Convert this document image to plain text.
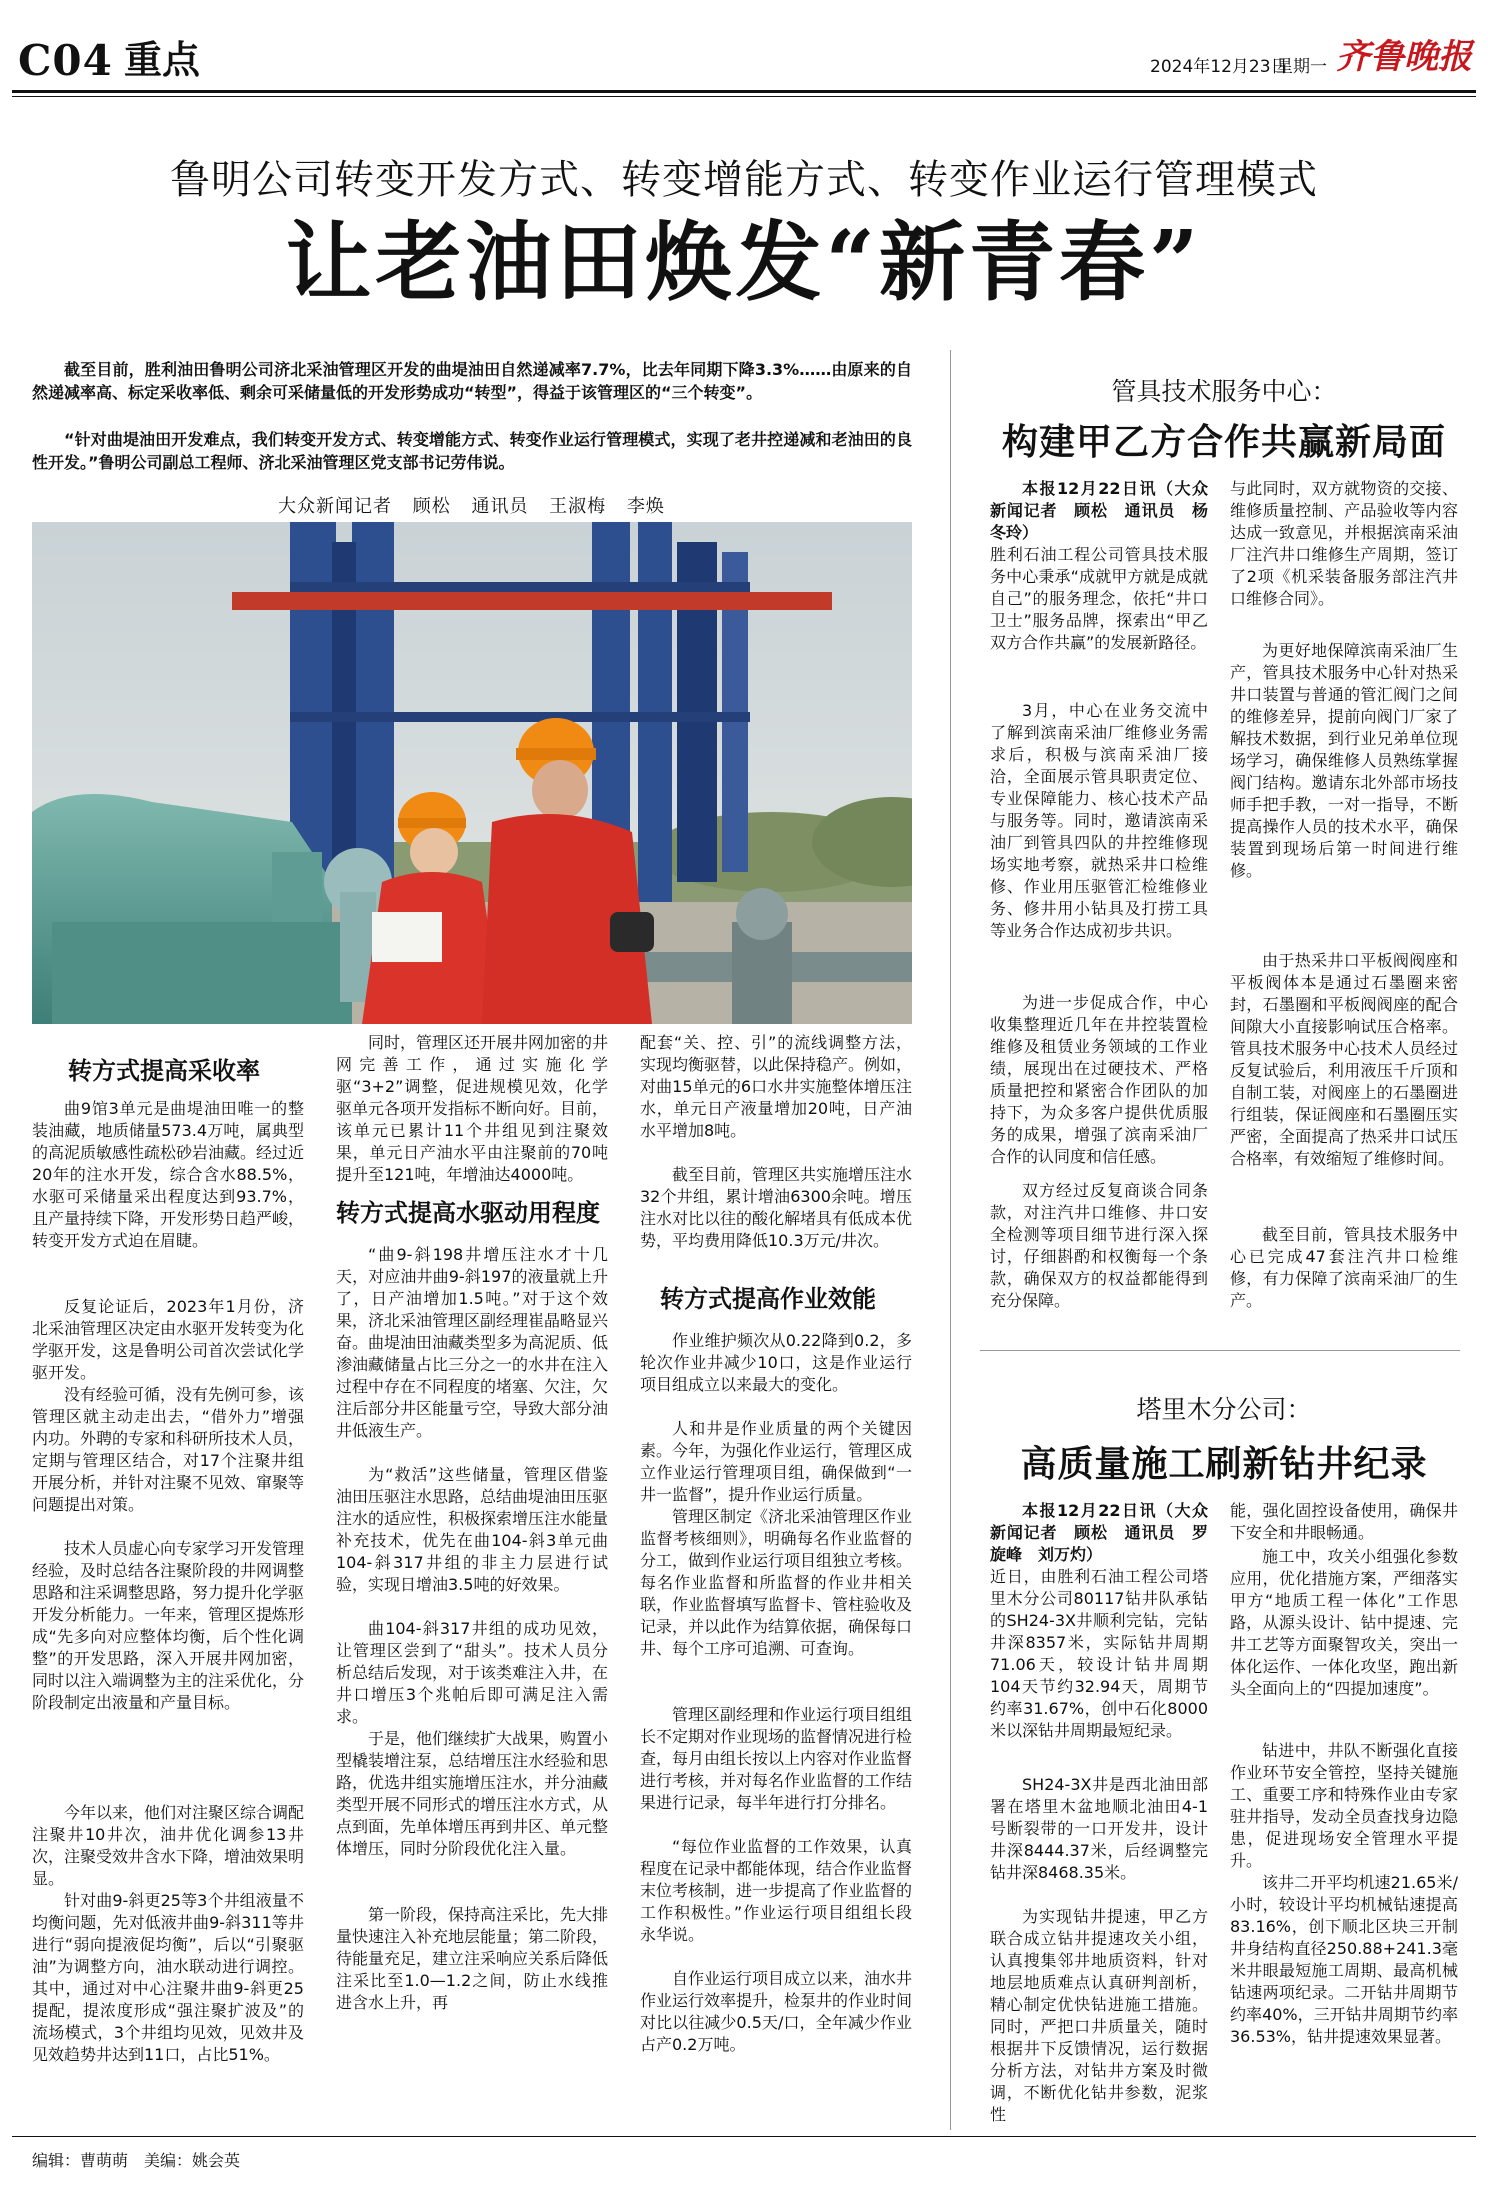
C04 重点	2024年12月23日
星期一 齐鲁晚报
鲁明公司转变开发方式、转变增能方式、转变作业运行管理模式
让老油田焕发“新青春”
截至目前，胜利油田鲁明公司济北采油管理区开发的曲堤油田自然递减率7.7%，比去年同期下降3.3%……由原来的自然递减率高、标定采收率低、剩余可采储量低的开发形势成功“转型”，得益于该管理区的“三个转变”。
“针对曲堤油田开发难点，我们转变开发方式、转变增能方式、转变作业运行管理模式，实现了老井控递减和老油田的良性开发。”鲁明公司副总工程师、济北采油管理区党支部书记劳伟说。
大众新闻记者 顾松 通讯员 王淑梅 李焕
转方式提高采收率
曲9馆3单元是曲堤油田唯一的整装油藏，地质储量573.4万吨，属典型的高泥质敏感性疏松砂岩油藏。经过近20年的注水开发，综合含水88.5%，水驱可采储量采出程度达到93.7%，且产量持续下降，开发形势日趋严峻，转变开发方式迫在眉睫。
反复论证后，2023年1月份，济北采油管理区决定由水驱开发转变为化学驱开发，这是鲁明公司首次尝试化学驱开发。
没有经验可循，没有先例可参，该管理区就主动走出去，“借外力”增强内功。外聘的专家和科研所技术人员，定期与管理区结合，对17个注聚井组开展分析，并针对注聚不见效、窜聚等问题提出对策。
技术人员虚心向专家学习开发管理经验，及时总结各注聚阶段的井网调整思路和注采调整思路，努力提升化学驱开发分析能力。一年来，管理区提炼形成“先多向对应整体均衡，后个性化调整”的开发思路，深入开展井网加密，同时以注入端调整为主的注采优化，分阶段制定出液量和产量目标。
今年以来，他们对注聚区综合调配注聚井10井次，油井优化调参13井次，注聚受效井含水下降，增油效果明显。
针对曲9-斜更25等3个井组液量不均衡问题，先对低液井曲9-斜311等井进行“弱向提液促均衡”，后以“引聚驱油”为调整方向，油水联动进行调控。其中，通过对中心注聚井曲9-斜更25提配，提浓度形成“强注聚扩波及”的流场模式，3个井组均见效，见效井及见效趋势井达到11口，占比51%。
同时，管理区还开展井网加密的井网完善工作，通过实施化学驱“3+2”调整，促进规模见效，化学驱单元各项开发指标不断向好。目前，该单元已累计11个井组见到注聚效果，单元日产油水平由注聚前的70吨提升至121吨，年增油达4000吨。
转方式提高水驱动用程度
“曲9-斜198井增压注水才十几天，对应油井曲9-斜197的液量就上升了，日产油增加1.5吨。”对于这个效果，济北采油管理区副经理崔晶略显兴奋。 曲堤油田油藏类型多为高泥质、低渗油藏储量占比三分之一的水井在注入过程中存在不同程度的堵塞、欠注，欠注后部分井区能量亏空，导致大部分油井低液生产。
为“救活”这些储量，管理区借鉴油田压驱注水思路，总结曲堤油田压驱注水的适应性，积极探索增压注水能量补充技术，优先在曲104-斜3单元曲104-斜317井组的非主力层进行试验，实现日增油3.5吨的好效果。
曲104-斜317井组的成功见效，让管理区尝到了“甜头”。技术人员分析总结后发现，对于该类难注入井，在井口增压3个兆帕后即可满足注入需求。
于是，他们继续扩大战果，购置小型橇装增注泵，总结增压注水经验和思路，优选井组实施增压注水，并分油藏类型开展不同形式的增压注水方式，从点到面，先单体增压再到井区、单元整体增压，同时分阶段优化注入量。
第一阶段，保持高注采比，先大排量快速注入补充地层能量；第二阶段，待能量充足，建立注采响应关系后降低注采比至1.0—1.2之间，防止水线推进含水上升，再
配套“关、控、引”的流线调整方法，实现均衡驱替，以此保持稳产。例如，对曲15单元的6口水井实施整体增压注水，单元日产液量增加20吨，日产油水平增加8吨。
截至目前，管理区共实施增压注水32个井组，累计增油6300余吨。增压注水对比以往的酸化解堵具有低成本优势，平均费用降低10.3万元/井次。
转方式提高作业效能
作业维护频次从0.22降到0.2，多轮次作业井减少10口，这是作业运行项目组成立以来最大的变化。
人和井是作业质量的两个关键因素。今年，为强化作业运行，管理区成立作业运行管理项目组，确保做到“一井一监督”，提升作业运行质量。
管理区制定《济北采油管理区作业监督考核细则》，明确每名作业监督的分工，做到作业运行项目组独立考核。每名作业监督和所监督的作业井相关联，作业监督填写监督卡、管柱验收及记录，并以此作为结算依据，确保每口井、每个工序可追溯、可查询。
管理区副经理和作业运行项目组组长不定期对作业现场的监督情况进行检查，每月由组长按以上内容对作业监督进行考核，并对每名作业监督的工作结果进行记录，每半年进行打分排名。
“每位作业监督的工作效果，认真程度在记录中都能体现，结合作业监督末位考核制，进一步提高了作业监督的工作积极性。”作业运行项目组组长段永华说。
自作业运行项目成立以来，油水井作业运行效率提升，检泵井的作业时间对比以往减少0.5天/口，全年减少作业占产0.2万吨。
管具技术服务中心：
构建甲乙方合作共赢新局面
本报12月22日讯（大众新闻记者　顾松　通讯员　杨冬玲）
胜利石油工程公司管具技术服务中心秉承“成就甲方就是成就自己”的服务理念，依托“井口卫士”服务品牌，探索出“甲乙双方合作共赢”的发展新路径。
3月，中心在业务交流中了解到滨南采油厂维修业务需求后，积极与滨南采油厂接洽，全面展示管具职责定位、专业保障能力、核心技术产品与服务等。同时，邀请滨南采油厂到管具四队的井控维修现场实地考察，就热采井口检维修、作业用压驱管汇检维修业务、修井用小钻具及打捞工具等业务合作达成初步共识。
为进一步促成合作，中心收集整理近几年在井控装置检维修及租赁业务领域的工作业绩，展现出在过硬技术、严格质量把控和紧密合作团队的加持下，为众多客户提供优质服务的成果，增强了滨南采油厂合作的认同度和信任感。
双方经过反复商谈合同条款，对注汽井口维修、井口安全检测等项目细节进行深入探讨，仔细斟酌和权衡每一个条款，确保双方的权益都能得到充分保障。
与此同时，双方就物资的交接、维修质量控制、产品验收等内容达成一致意见，并根据滨南采油厂注汽井口维修生产周期，签订了2项《机采装备服务部注汽井口维修合同》。
为更好地保障滨南采油厂生产，管具技术服务中心针对热采井口装置与普通的管汇阀门之间的维修差异，提前向阀门厂家了解技术数据，到行业兄弟单位现场学习，确保维修人员熟练掌握阀门结构。邀请东北外部市场技师手把手教，一对一指导，不断提高操作人员的技术水平，确保装置到现场后第一时间进行维修。
由于热采井口平板阀阀座和平板阀体本是通过石墨圈来密封，石墨圈和平板阀阀座的配合间隙大小直接影响试压合格率。管具技术服务中心技术人员经过反复试验后，利用液压千斤顶和自制工装，对阀座上的石墨圈进行组装，保证阀座和石墨圈压实严密，全面提高了热采井口试压合格率，有效缩短了维修时间。
截至目前，管具技术服务中心已完成47套注汽井口检维修，有力保障了滨南采油厂的生产。
塔里木分公司：
高质量施工刷新钻井纪录
本报12月22日讯（大众新闻记者　顾松　通讯员　罗旋峰　刘万灼）
近日，由胜利石油工程公司塔里木分公司80117钻井队承钻的SH24-3X井顺利完钻，完钻井深8357米，实际钻井周期71.06天，较设计钻井周期104天节约32.94天，周期节约率31.67%，创中石化8000米以深钻井周期最短纪录。
SH24-3X井是西北油田部署在塔里木盆地顺北油田4-1号断裂带的一口开发井，设计井深8444.37米，后经调整完钻井深8468.35米。
为实现钻井提速，甲乙方联合成立钻井提速攻关小组，认真搜集邻井地质资料，针对地层地质难点认真研判剖析，精心制定优快钻进施工措施。同时，严把口井质量关，随时根据井下反馈情况，运行数据分析方法，对钻井方案及时微调，不断优化钻井参数，泥浆性
能，强化固控设备使用，确保井下安全和井眼畅通。
施工中，攻关小组强化参数应用，优化措施方案，严细落实甲方“地质工程一体化”工作思路，从源头设计、钻中提速、完井工艺等方面聚智攻关，突出一体化运作、一体化攻坚，跑出新头全面向上的“四提加速度”。
钻进中，井队不断强化直接作业环节安全管控，坚持关键施工、重要工序和特殊作业由专家驻井指导，发动全员查找身边隐患，促进现场安全管理水平提升。
该井二开平均机速21.65米/小时，较设计平均机械钻速提高83.16%，创下顺北区块三开制井身结构直径250.88+241.3毫米井眼最短施工周期、最高机械钻速两项纪录。二开钻井周期节约率40%，三开钻井周期节约率36.53%，钻井提速效果显著。
编辑：曹萌萌 美编：姚会英
